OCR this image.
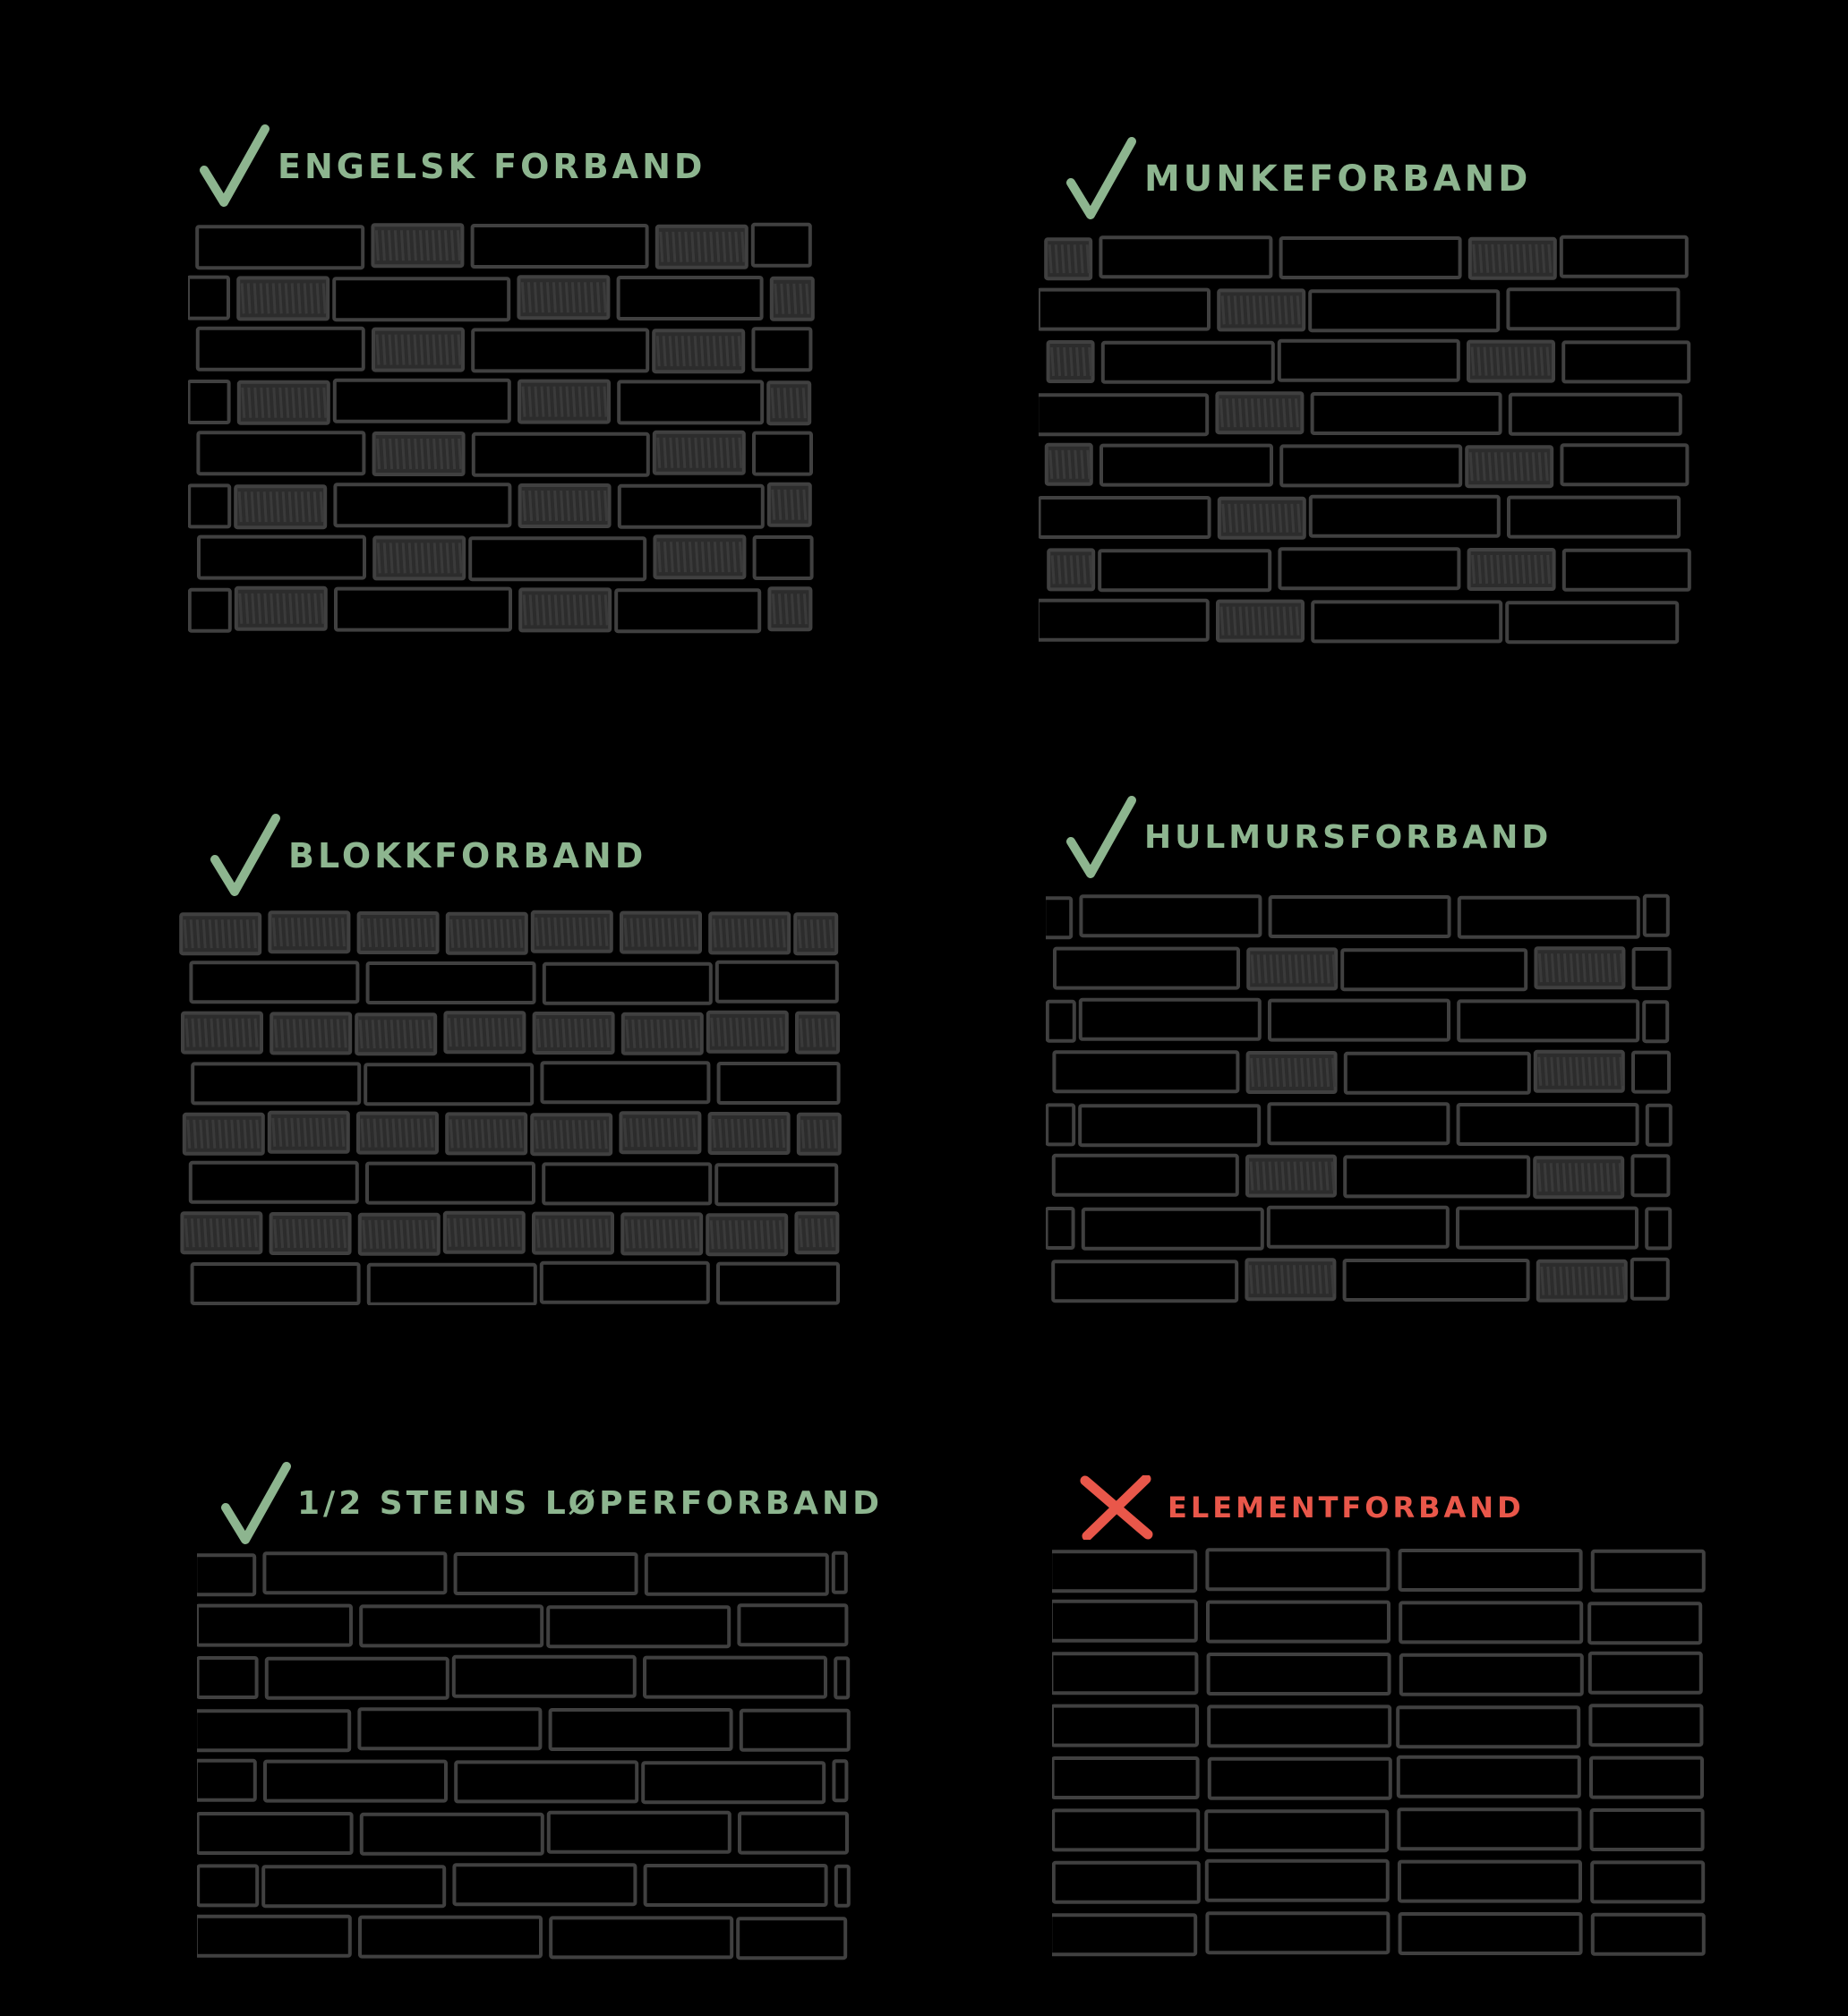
ENGELSK FORBAND	MUNKEFORBAND
BLOKKFORBAND	HULMURSFORBAND
1/2 STEINS LØPERFORBAND	ELEMENTFORBAND
